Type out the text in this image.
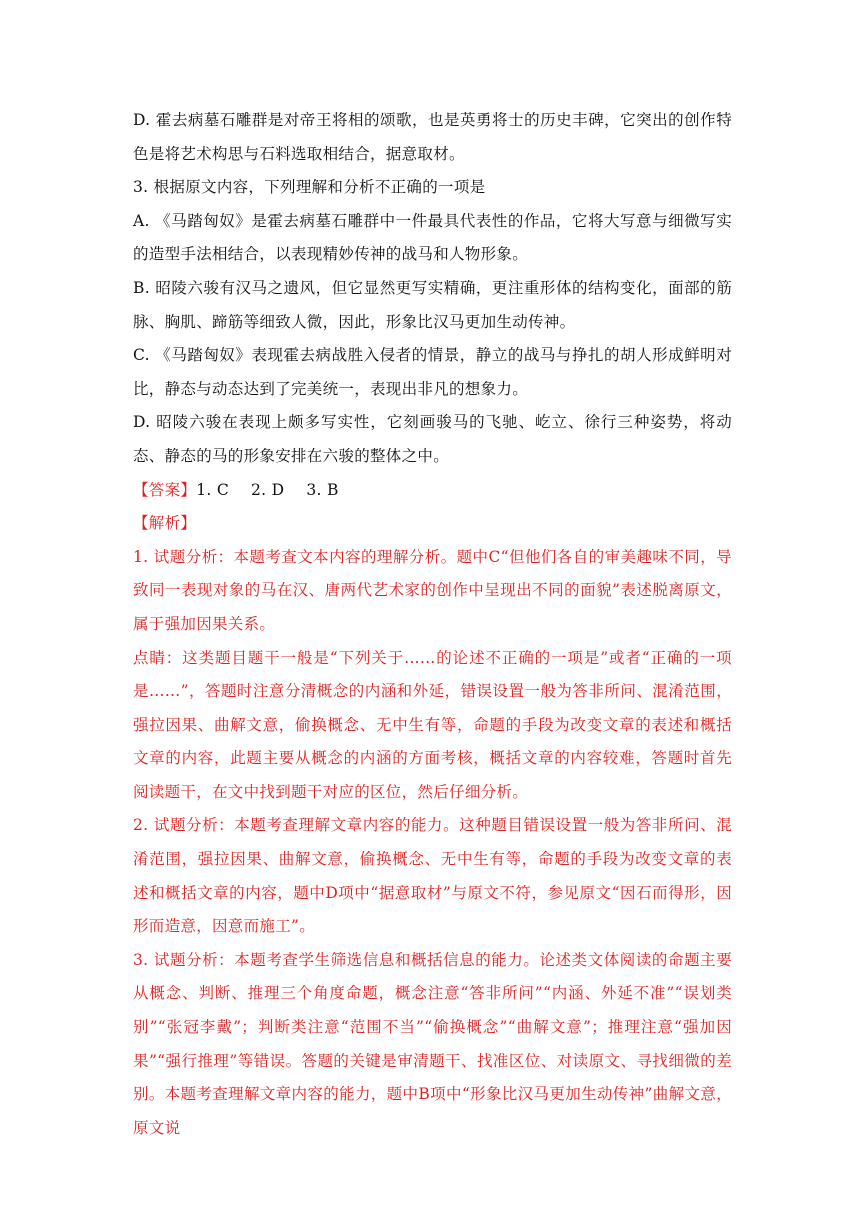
D. 霍去病墓石雕群是对帝王将相的颂歌，也是英勇将士的历史丰碑，它突出的创作特色是将艺术构思与石料选取相结合，据意取材。

3. 根据原文内容，下列理解和分析不正确的一项是

A. 《马踏匈奴》是霍去病墓石雕群中一件最具代表性的作品，它将大写意与细微写实的造型手法相结合，以表现精妙传神的战马和人物形象。

B. 昭陵六骏有汉马之遗风，但它显然更写实精确，更注重形体的结构变化，面部的筋脉、胸肌、蹄筋等细致人微，因此，形象比汉马更加生动传神。

C. 《马踏匈奴》表现霍去病战胜入侵者的情景，静立的战马与挣扎的胡人形成鲜明对比，静态与动态达到了完美统一，表现出非凡的想象力。

D. 昭陵六骏在表现上颇多写实性，它刻画骏马的飞驰、屹立、徐行三种姿势，将动态、静态的马的形象安排在六骏的整体之中。

【答案】1. C 2. D 3. B

【解析】

1. 试题分析：本题考查文本内容的理解分析。题中C“但他们各自的审美趣味不同，导致同一表现对象的马在汉、唐两代艺术家的创作中呈现出不同的面貌”表述脱离原文，属于强加因果关系。

点睛：这类题目题干一般是“下列关于……的论述不正确的一项是”或者“正确的一项是……”，答题时注意分清概念的内涵和外延，错误设置一般为答非所问、混淆范围，强拉因果、曲解文意，偷换概念、无中生有等，命题的手段为改变文章的表述和概括文章的内容，此题主要从概念的内涵的方面考核，概括文章的内容较难，答题时首先阅读题干，在文中找到题干对应的区位，然后仔细分析。

2. 试题分析：本题考查理解文章内容的能力。这种题目错误设置一般为答非所问、混淆范围，强拉因果、曲解文意，偷换概念、无中生有等，命题的手段为改变文章的表述和概括文章的内容，题中D项中“据意取材”与原文不符，参见原文“因石而得形，因形而造意，因意而施工”。

3. 试题分析：本题考查学生筛选信息和概括信息的能力。论述类文体阅读的命题主要从概念、判断、推理三个角度命题，概念注意“答非所问”“内涵、外延不准”“误划类别”“张冠李戴”；判断类注意“范围不当”“偷换概念”“曲解文意”；推理注意“强加因果”“强行推理”等错误。答题的关键是审清题干、找准区位、对读原文、寻找细微的差别。本题考查理解文章内容的能力，题中B项中“形象比汉马更加生动传神”曲解文意，原文说
